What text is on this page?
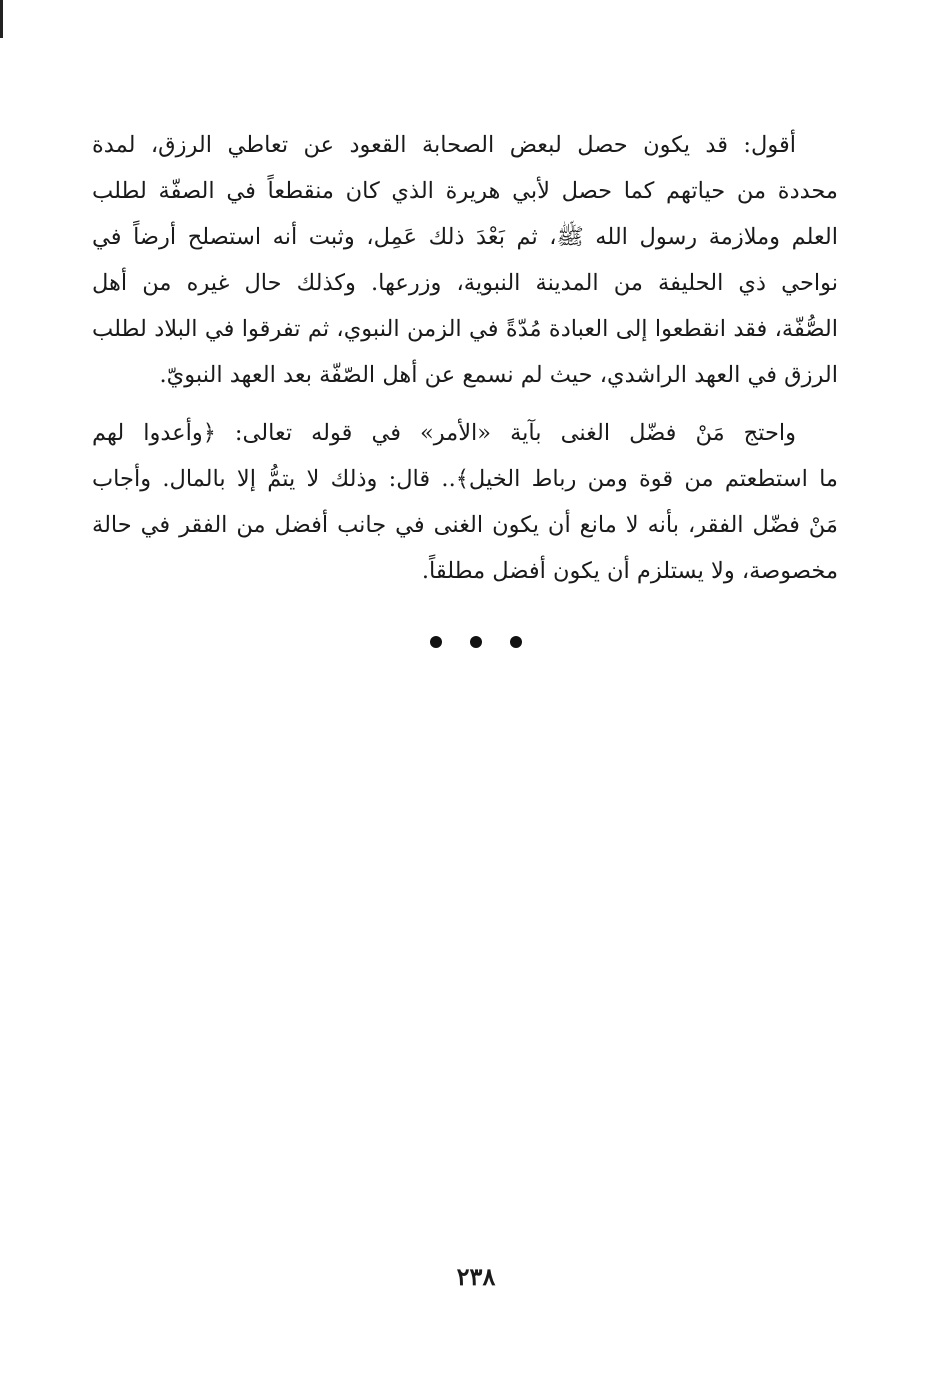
أقول: قد يكون حصل لبعض الصحابة القعود عن تعاطي الرزق، لمدة
محددة من حياتهم كما حصل لأبي هريرة الذي كان منقطعاً في الصفّة لطلب
العلم وملازمة رسول الله ﷺ، ثم بَعْدَ ذلك عَمِل، وثبت أنه استصلح أرضاً في
نواحي ذي الحليفة من المدينة النبوية، وزرعها. وكذلك حال غيره من أهل
الصُّفّة، فقد انقطعوا إلى العبادة مُدّةً في الزمن النبوي، ثم تفرقوا في البلاد لطلب
الرزق في العهد الراشدي، حيث لم نسمع عن أهل الصّفّة بعد العهد النبويّ.
واحتج مَنْ فضّل الغنى بآية «الأمر» في قوله تعالى: ﴿وأعدوا لهم
ما استطعتم من قوة ومن رباط الخيل﴾.. قال: وذلك لا يتمُّ إلا بالمال. وأجاب
مَنْ فضّل الفقر، بأنه لا مانع أن يكون الغنى في جانب أفضل من الفقر في حالة
مخصوصة، ولا يستلزم أن يكون أفضل مطلقاً.

٢٣٨
